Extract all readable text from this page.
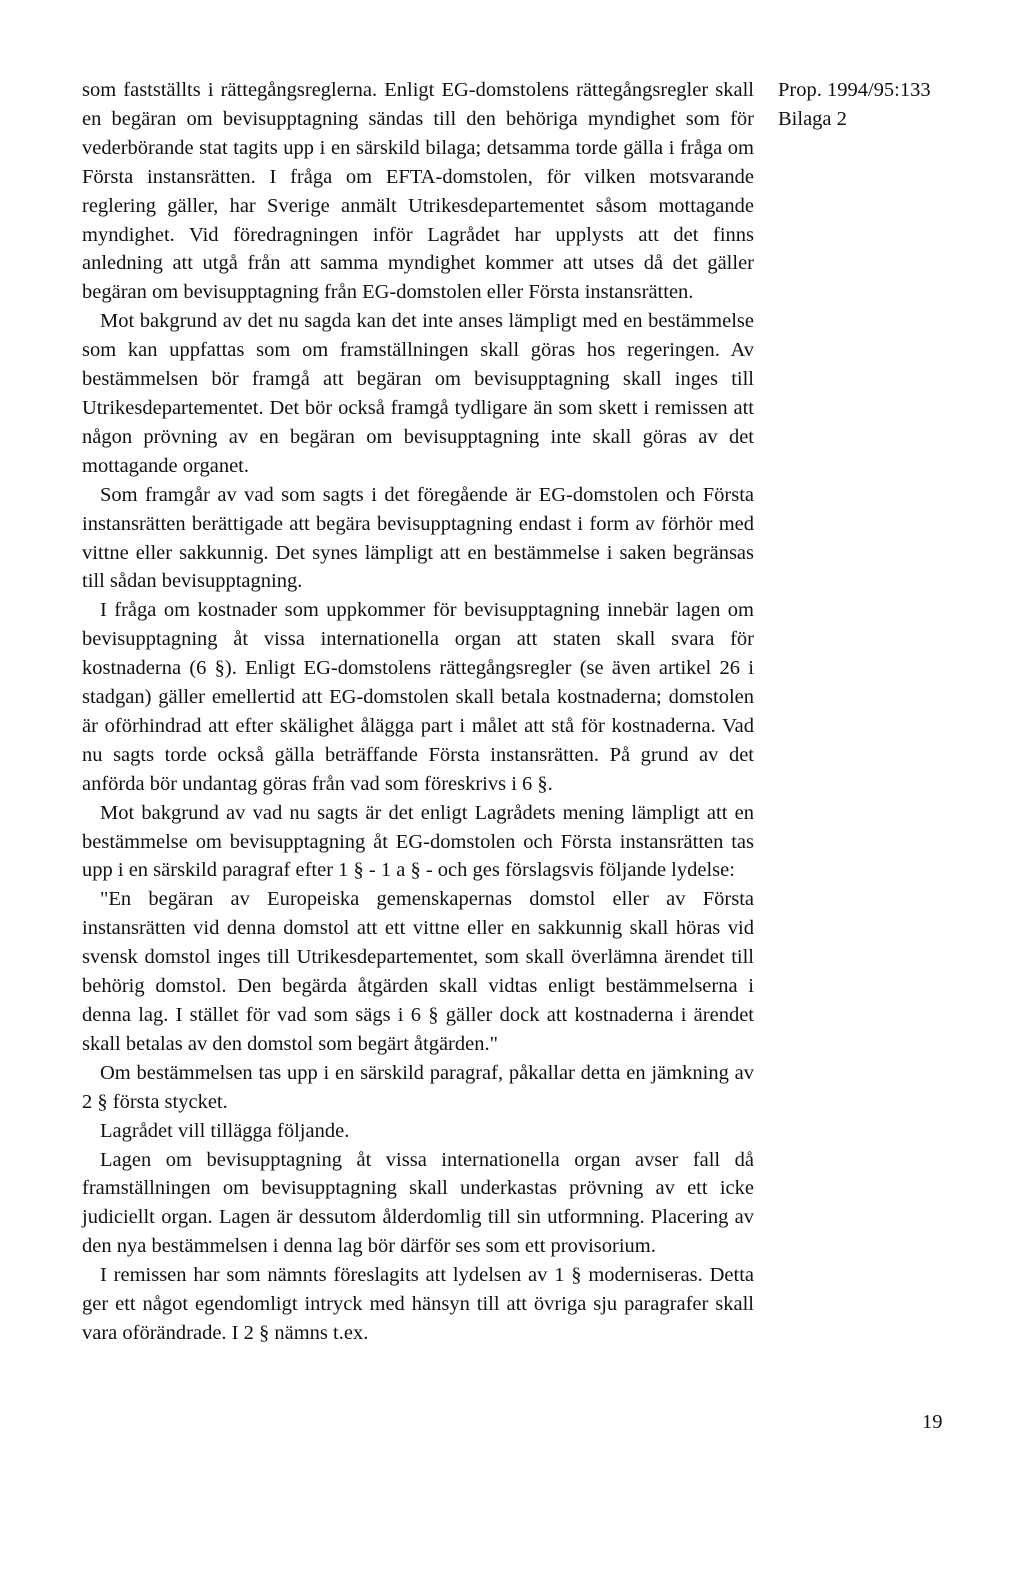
som fastställts i rättegångsreglerna. Enligt EG-domstolens rättegångsregler skall en begäran om bevisupptagning sändas till den behöriga myndighet som för vederbörande stat tagits upp i en särskild bilaga; detsamma torde gälla i fråga om Första instansrätten. I fråga om EFTA-domstolen, för vilken motsvarande reglering gäller, har Sverige anmält Utrikesdepartementet såsom mottagande myndighet. Vid föredragningen inför Lagrådet har upplysts att det finns anledning att utgå från att samma myndighet kommer att utses då det gäller begäran om bevisupptagning från EG-domstolen eller Första instansrätten.

Mot bakgrund av det nu sagda kan det inte anses lämpligt med en bestämmelse som kan uppfattas som om framställningen skall göras hos regeringen. Av bestämmelsen bör framgå att begäran om bevisupptagning skall inges till Utrikesdepartementet. Det bör också framgå tydligare än som skett i remissen att någon prövning av en begäran om bevisupptagning inte skall göras av det mottagande organet.

Som framgår av vad som sagts i det föregående är EG-domstolen och Första instansrätten berättigade att begära bevisupptagning endast i form av förhör med vittne eller sakkunnig. Det synes lämpligt att en bestämmelse i saken begränsas till sådan bevisupptagning.

I fråga om kostnader som uppkommer för bevisupptagning innebär lagen om bevisupptagning åt vissa internationella organ att staten skall svara för kostnaderna (6 §). Enligt EG-domstolens rättegångsregler (se även artikel 26 i stadgan) gäller emellertid att EG-domstolen skall betala kostnaderna; domstolen är oförhindrad att efter skälighet ålägga part i målet att stå för kostnaderna. Vad nu sagts torde också gälla beträffande Första instansrätten. På grund av det anförda bör undantag göras från vad som föreskrivs i 6 §.

Mot bakgrund av vad nu sagts är det enligt Lagrådets mening lämpligt att en bestämmelse om bevisupptagning åt EG-domstolen och Första instansrätten tas upp i en särskild paragraf efter 1 § - 1 a § - och ges förslagsvis följande lydelse:

"En begäran av Europeiska gemenskapernas domstol eller av Första instansrätten vid denna domstol att ett vittne eller en sakkunnig skall höras vid svensk domstol inges till Utrikesdepartementet, som skall överlämna ärendet till behörig domstol. Den begärda åtgärden skall vidtas enligt bestämmelserna i denna lag. I stället för vad som sägs i 6 § gäller dock att kostnaderna i ärendet skall betalas av den domstol som begärt åtgärden."

Om bestämmelsen tas upp i en särskild paragraf, påkallar detta en jämkning av 2 § första stycket.

Lagrådet vill tillägga följande.

Lagen om bevisupptagning åt vissa internationella organ avser fall då framställningen om bevisupptagning skall underkastas prövning av ett icke judiciellt organ. Lagen är dessutom ålderdomlig till sin utformning. Placering av den nya bestämmelsen i denna lag bör därför ses som ett provisorium.

I remissen har som nämnts föreslagits att lydelsen av 1 § moderniseras. Detta ger ett något egendomligt intryck med hänsyn till att övriga sju paragrafer skall vara oförändrade. I 2 § nämns t.ex.

Prop. 1994/95:133
Bilaga 2
19
